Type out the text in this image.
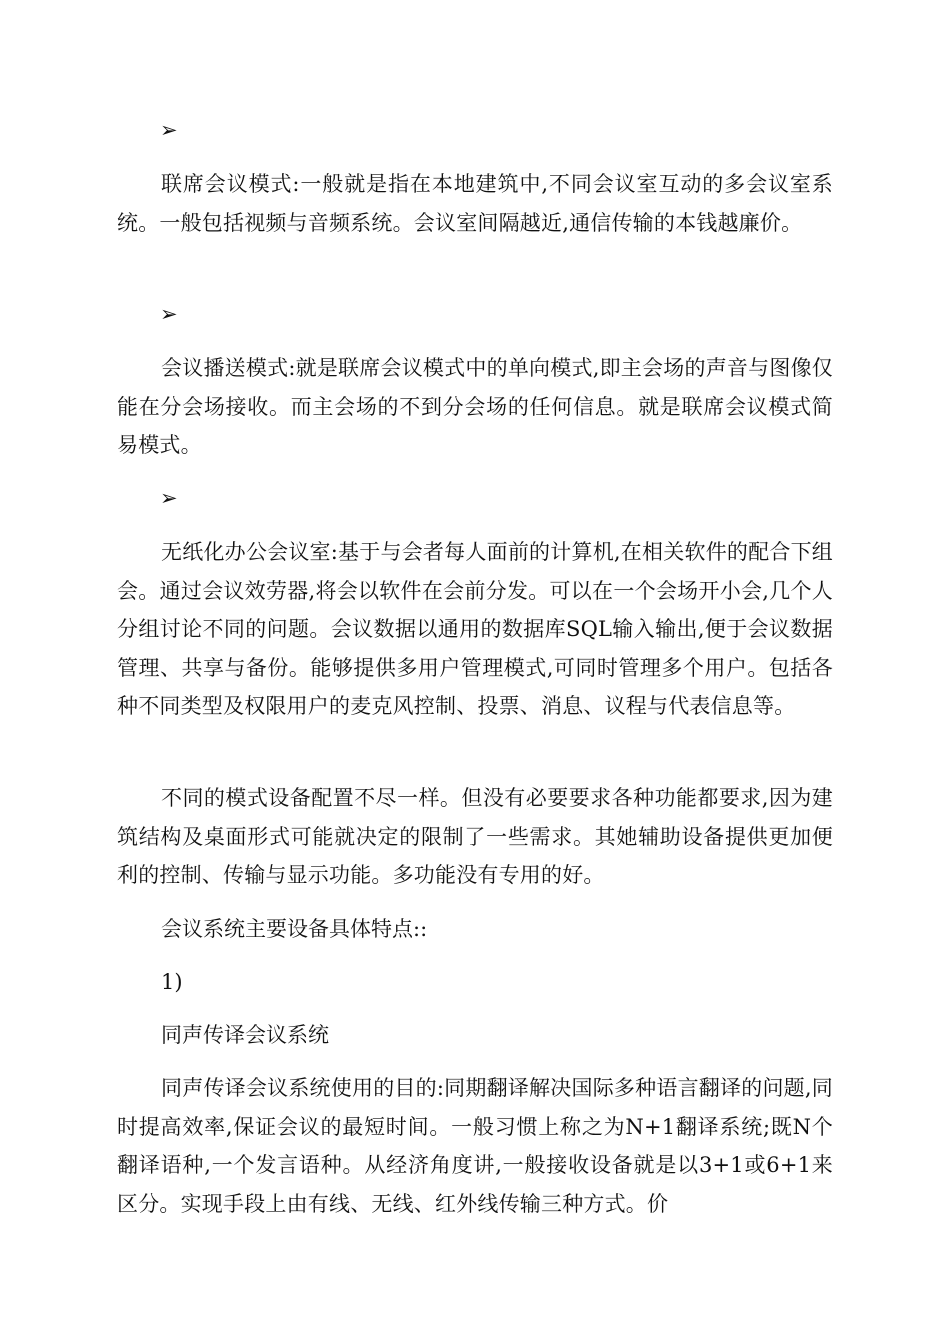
➢

联席会议模式:一般就是指在本地建筑中,不同会议室互动的多会议室系统。一般包括视频与音频系统。会议室间隔越近,通信传输的本钱越廉价。

➢

会议播送模式:就是联席会议模式中的单向模式,即主会场的声音与图像仅能在分会场接收。而主会场的不到分会场的任何信息。就是联席会议模式简易模式。

➢

无纸化办公会议室:基于与会者每人面前的计算机,在相关软件的配合下组会。通过会议效劳器,将会以软件在会前分发。可以在一个会场开小会,几个人分组讨论不同的问题。会议数据以通用的数据库SQL输入输出,便于会议数据管理、共享与备份。能够提供多用户管理模式,可同时管理多个用户。包括各种不同类型及权限用户的麦克风控制、投票、消息、议程与代表信息等。

不同的模式设备配置不尽一样。但没有必要要求各种功能都要求,因为建筑结构及桌面形式可能就决定的限制了一些需求。其她辅助设备提供更加便利的控制、传输与显示功能。多功能没有专用的好。

会议系统主要设备具体特点::
1)
同声传译会议系统

同声传译会议系统使用的目的:同期翻译解决国际多种语言翻译的问题,同时提高效率,保证会议的最短时间。一般习惯上称之为N+1翻译系统;既N个翻译语种,一个发言语种。从经济角度讲,一般接收设备就是以3+1或6+1来区分。实现手段上由有线、无线、红外线传输三种方式。价
